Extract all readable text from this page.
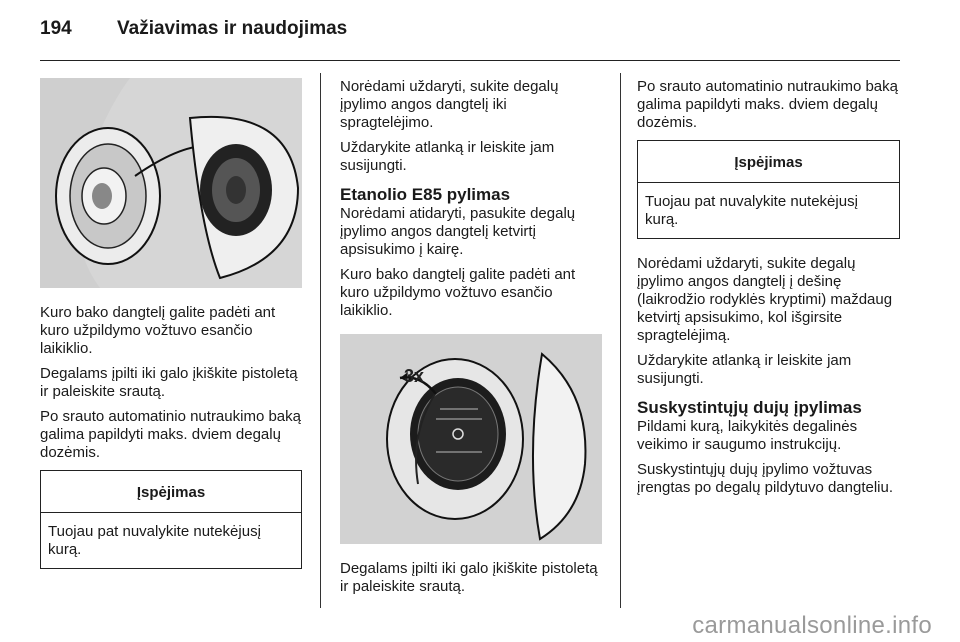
194	Važiavimas ir naudojimas

Kuro bako dangtelį galite padėti ant kuro užpildymo vožtuvo esančio laikiklio.

Degalams įpilti iki galo įkiškite pistoletą ir paleiskite srautą.

Po srauto automatinio nutraukimo baką galima papildyti maks. dviem degalų dozėmis.

Įspėjimas
Tuojau pat nuvalykite nutekėjusį kurą.

Norėdami uždaryti, sukite degalų įpylimo angos dangtelį iki spragtelėjimo.

Uždarykite atlanką ir leiskite jam susijungti.

Etanolio E85 pylimas

Norėdami atidaryti, pasukite degalų įpylimo angos dangtelį ketvirtį apsisukimo į kairę.

Kuro bako dangtelį galite padėti ant kuro užpildymo vožtuvo esančio laikiklio.

3x

Degalams įpilti iki galo įkiškite pistoletą ir paleiskite srautą.

Po srauto automatinio nutraukimo baką galima papildyti maks. dviem degalų dozėmis.

Įspėjimas
Tuojau pat nuvalykite nutekėjusį kurą.

Norėdami uždaryti, sukite degalų įpylimo angos dangtelį į dešinę (laikrodžio rodyklės kryptimi) maždaug ketvirtį apsisukimo, kol išgirsite spragtelėjimą.

Uždarykite atlanką ir leiskite jam susijungti.

Suskystintųjų dujų įpylimas

Pildami kurą, laikykitės degalinės veikimo ir saugumo instrukcijų.

Suskystintųjų dujų įpylimo vožtuvas įrengtas po degalų pildytuvo dangteliu.

carmanualsonline.info
